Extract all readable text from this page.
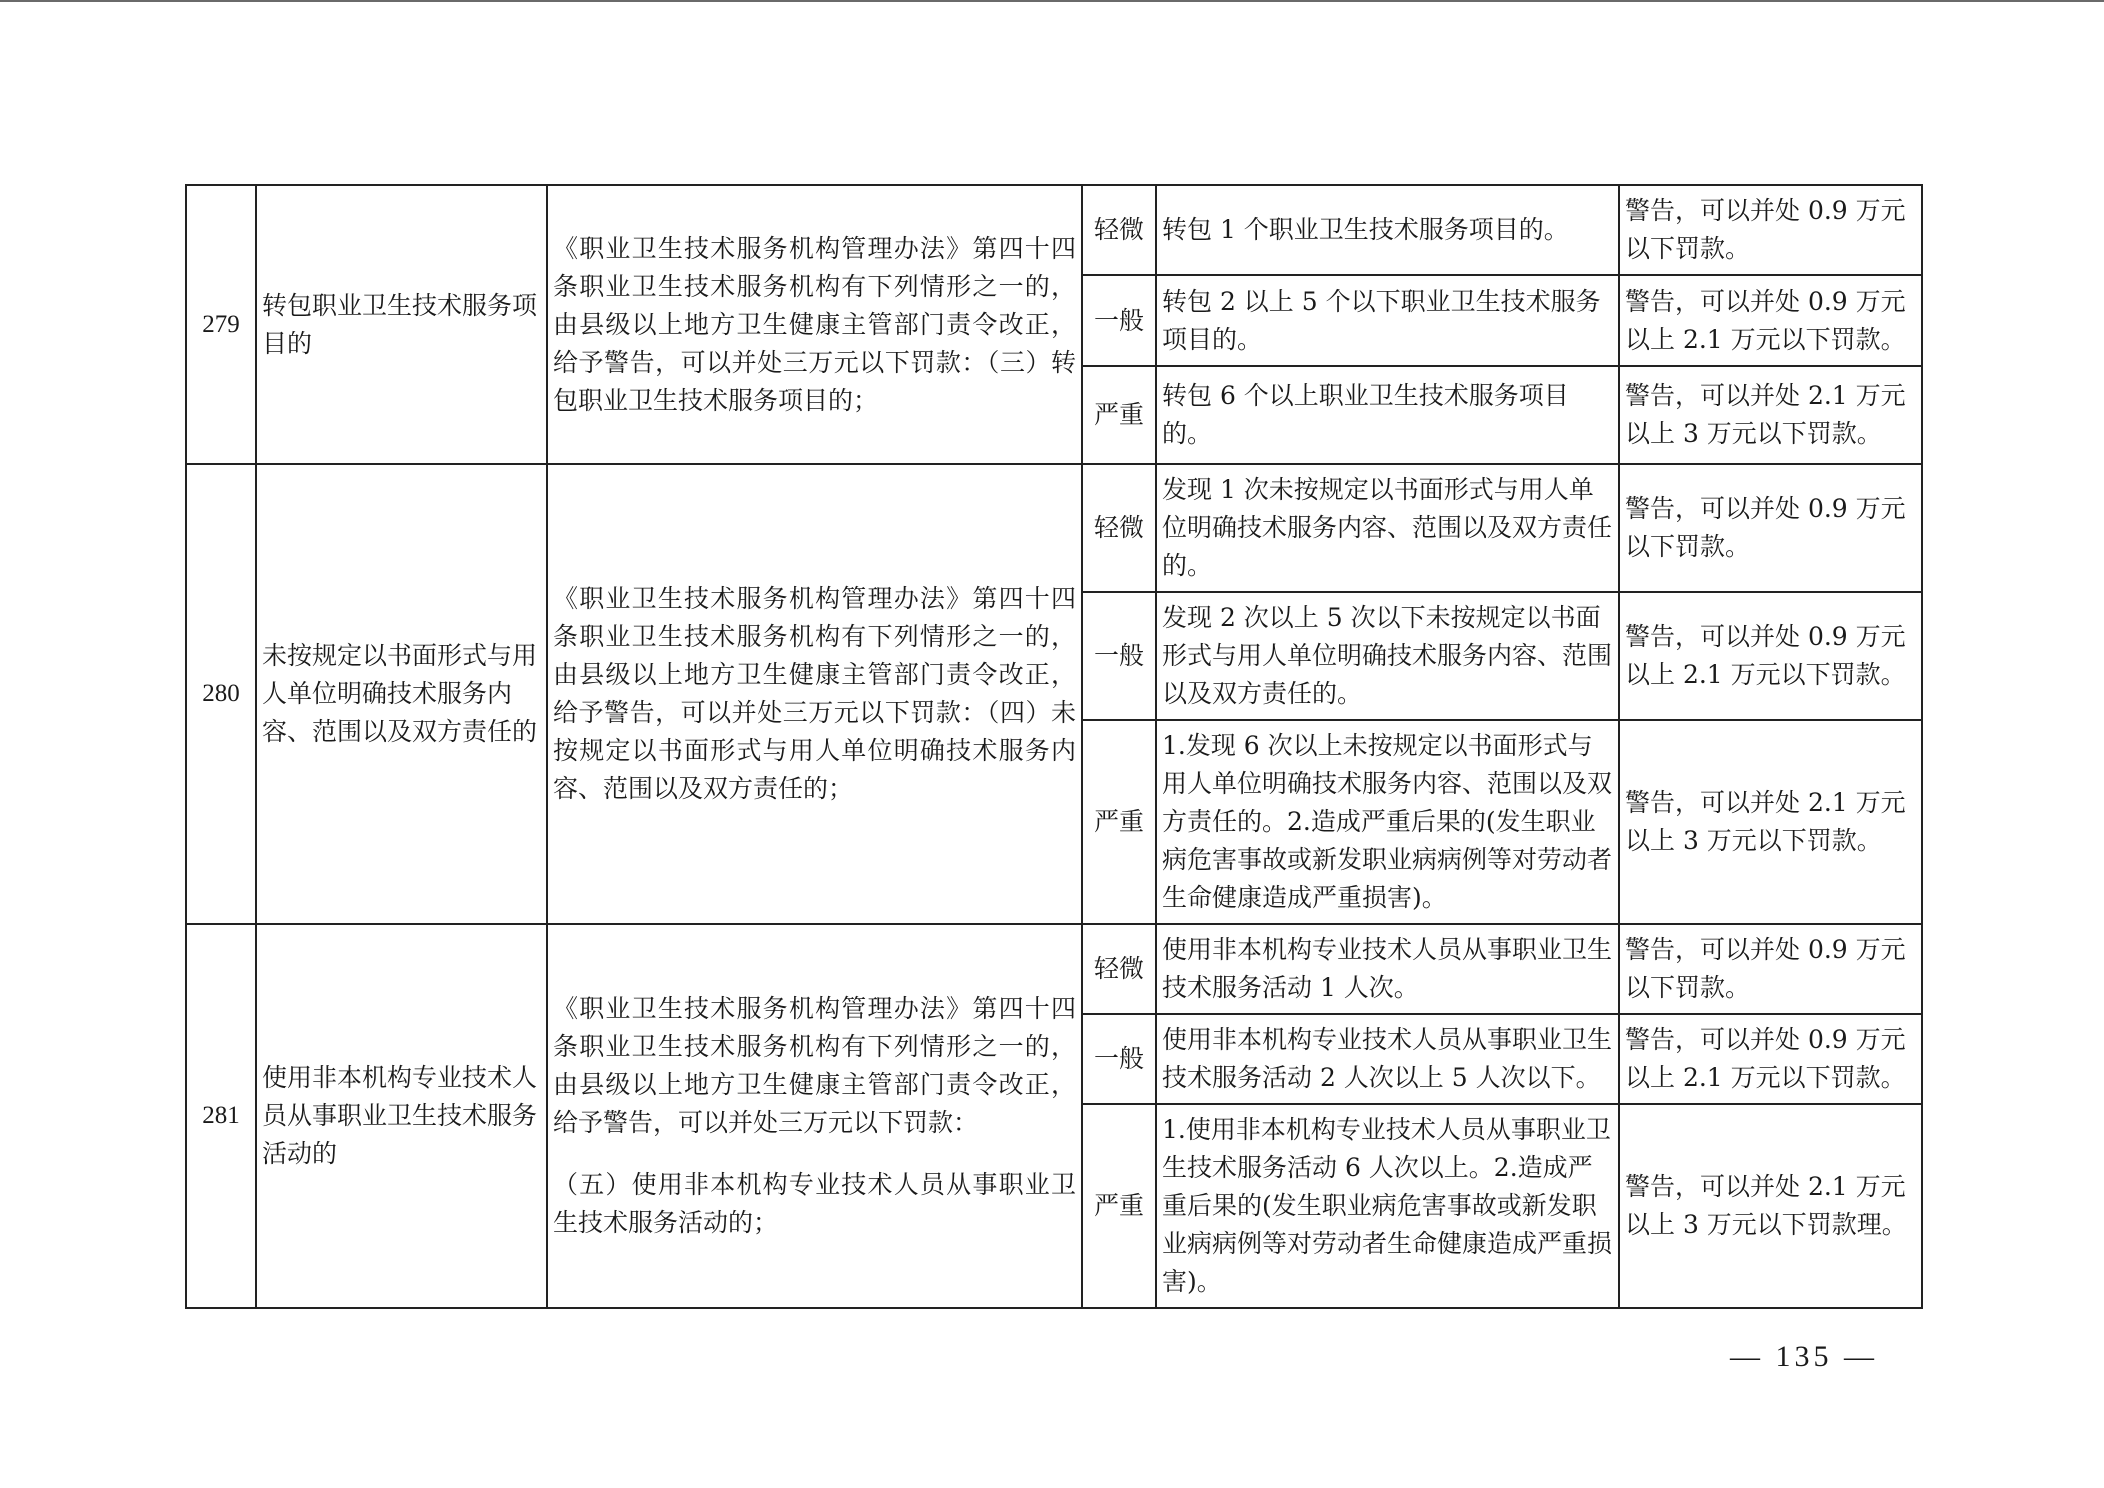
279	转包职业卫生技术服务项目的	《职业卫生技术服务机构管理办法》第四十四条职业卫生技术服务机构有下列情形之一的，由县级以上地方卫生健康主管部门责令改正，给予警告，可以并处三万元以下罚款：（三）转包职业卫生技术服务项目的；	轻微	转包 1 个职业卫生技术服务项目的。	警告，可以并处 0.9 万元以下罚款。
			一般	转包 2 以上 5 个以下职业卫生技术服务项目的。	警告，可以并处 0.9 万元以上 2.1 万元以下罚款。
			严重	转包 6 个以上职业卫生技术服务项目的。	警告，可以并处 2.1 万元以上 3 万元以下罚款。
280	未按规定以书面形式与用人单位明确技术服务内容、范围以及双方责任的	《职业卫生技术服务机构管理办法》第四十四条职业卫生技术服务机构有下列情形之一的，由县级以上地方卫生健康主管部门责令改正，给予警告，可以并处三万元以下罚款：（四）未按规定以书面形式与用人单位明确技术服务内容、范围以及双方责任的；	轻微	发现 1 次未按规定以书面形式与用人单位明确技术服务内容、范围以及双方责任的。	警告，可以并处 0.9 万元以下罚款。
			一般	发现 2 次以上 5 次以下未按规定以书面形式与用人单位明确技术服务内容、范围以及双方责任的。	警告，可以并处 0.9 万元以上 2.1 万元以下罚款。
			严重	1.发现 6 次以上未按规定以书面形式与用人单位明确技术服务内容、范围以及双方责任的。2.造成严重后果的(发生职业病危害事故或新发职业病病例等对劳动者生命健康造成严重损害)。	警告，可以并处 2.1 万元以上 3 万元以下罚款。
281	使用非本机构专业技术人员从事职业卫生技术服务活动的	《职业卫生技术服务机构管理办法》第四十四条职业卫生技术服务机构有下列情形之一的，由县级以上地方卫生健康主管部门责令改正，给予警告，可以并处三万元以下罚款：
（五）使用非本机构专业技术人员从事职业卫生技术服务活动的；	轻微	使用非本机构专业技术人员从事职业卫生技术服务活动 1 人次。	警告，可以并处 0.9 万元以下罚款。
			一般	使用非本机构专业技术人员从事职业卫生技术服务活动 2 人次以上 5 人次以下。	警告，可以并处 0.9 万元以上 2.1 万元以下罚款。
			严重	1.使用非本机构专业技术人员从事职业卫生技术服务活动 6 人次以上。2.造成严重后果的(发生职业病危害事故或新发职业病病例等对劳动者生命健康造成严重损害)。	警告，可以并处 2.1 万元以上 3 万元以下罚款理。
— 135 —
